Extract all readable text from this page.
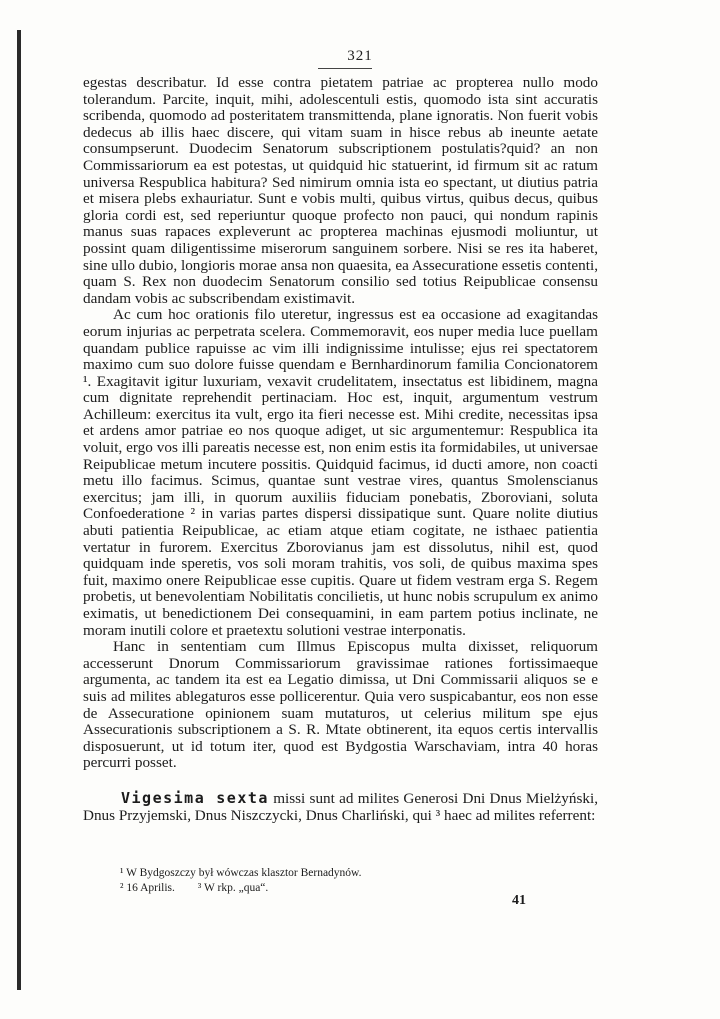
321

egestas describatur. Id esse contra pietatem patriae ac propterea nullo modo tolerandum. Parcite, inquit, mihi, adolescentuli estis, quomodo ista sint accuratis scribenda, quomodo ad posteritatem transmittenda, plane ignoratis. Non fuerit vobis dedecus ab illis haec discere, qui vitam suam in hisce rebus ab ineunte aetate consumpserunt. Duodecim Senatorum subscriptionem postulatis?quid? an non Commissariorum ea est potestas, ut quidquid hic statuerint, id firmum sit ac ratum universa Respublica habitura? Sed nimirum omnia ista eo spectant, ut diutius patria et misera plebs exhauriatur. Sunt e vobis multi, quibus virtus, quibus decus, quibus gloria cordi est, sed reperiuntur quoque profecto non pauci, qui nondum rapinis manus suas rapaces expleverunt ac propterea machinas ejusmodi moliuntur, ut possint quam diligentissime miserorum sanguinem sorbere. Nisi se res ita haberet, sine ullo dubio, longioris morae ansa non quaesita, ea Assecuratione essetis contenti, quam S. Rex non duodecim Senatorum consilio sed totius Reipublicae consensu dandam vobis ac subscribendam existimavit.

Ac cum hoc orationis filo uteretur, ingressus est ea occasione ad exagitandas eorum injurias ac perpetrata scelera. Commemoravit, eos nuper media luce puellam quandam publice rapuisse ac vim illi indignissime intulisse; ejus rei spectatorem maximo cum suo dolore fuisse quendam e Bernhardinorum familia Concionatorem ¹. Exagitavit igitur luxuriam, vexavit crudelitatem, insectatus est libidinem, magna cum dignitate reprehendit pertinaciam. Hoc est, inquit, argumentum vestrum Achilleum: exercitus ita vult, ergo ita fieri necesse est. Mihi credite, necessitas ipsa et ardens amor patriae eo nos quoque adiget, ut sic argumentemur: Respublica ita voluit, ergo vos illi pareatis necesse est, non enim estis ita formidabiles, ut universae Reipublicae metum incutere possitis. Quidquid facimus, id ducti amore, non coacti metu illo facimus. Scimus, quantae sunt vestrae vires, quantus Smolenscianus exercitus; jam illi, in quorum auxiliis fiduciam ponebatis, Zboroviani, soluta Confoederatione ² in varias partes dispersi dissipatique sunt. Quare nolite diutius abuti patientia Reipublicae, ac etiam atque etiam cogitate, ne isthaec patientia vertatur in furorem. Exercitus Zborovianus jam est dissolutus, nihil est, quod quidquam inde speretis, vos soli moram trahitis, vos soli, de quibus maxima spes fuit, maximo onere Reipublicae esse cupitis. Quare ut fidem vestram erga S. Regem probetis, ut benevolentiam Nobilitatis concilietis, ut hunc nobis scrupulum ex animo eximatis, ut benedictionem Dei consequamini, in eam partem potius inclinate, ne moram inutili colore et praetextu solutioni vestrae interponatis.

Hanc in sententiam cum Illmus Episcopus multa dixisset, reliquorum accesserunt Dnorum Commissariorum gravissimae rationes fortissimaeque argumenta, ac tandem ita est ea Legatio dimissa, ut Dni Commissarii aliquos se e suis ad milites ablegaturos esse pollicerentur. Quia vero suspicabantur, eos non esse de Assecuratione opinionem suam mutaturos, ut celerius militum spe ejus Assecurationis subscriptionem a S. R. Mtate obtinerent, ita equos certis intervallis disposuerunt, ut id totum iter, quod est Bydgostia Warschaviam, intra 40 horas percurri posset.

Vigesima sexta missi sunt ad milites Generosi Dni Dnus Mielżyński, Dnus Przyjemski, Dnus Niszczycki, Dnus Charliński, qui ³ haec ad milites referrent:

¹ W Bydgoszczy był wówczas klasztor Bernadynów.
² 16 Aprilis.        ³ W rkp. „qua“.
41
